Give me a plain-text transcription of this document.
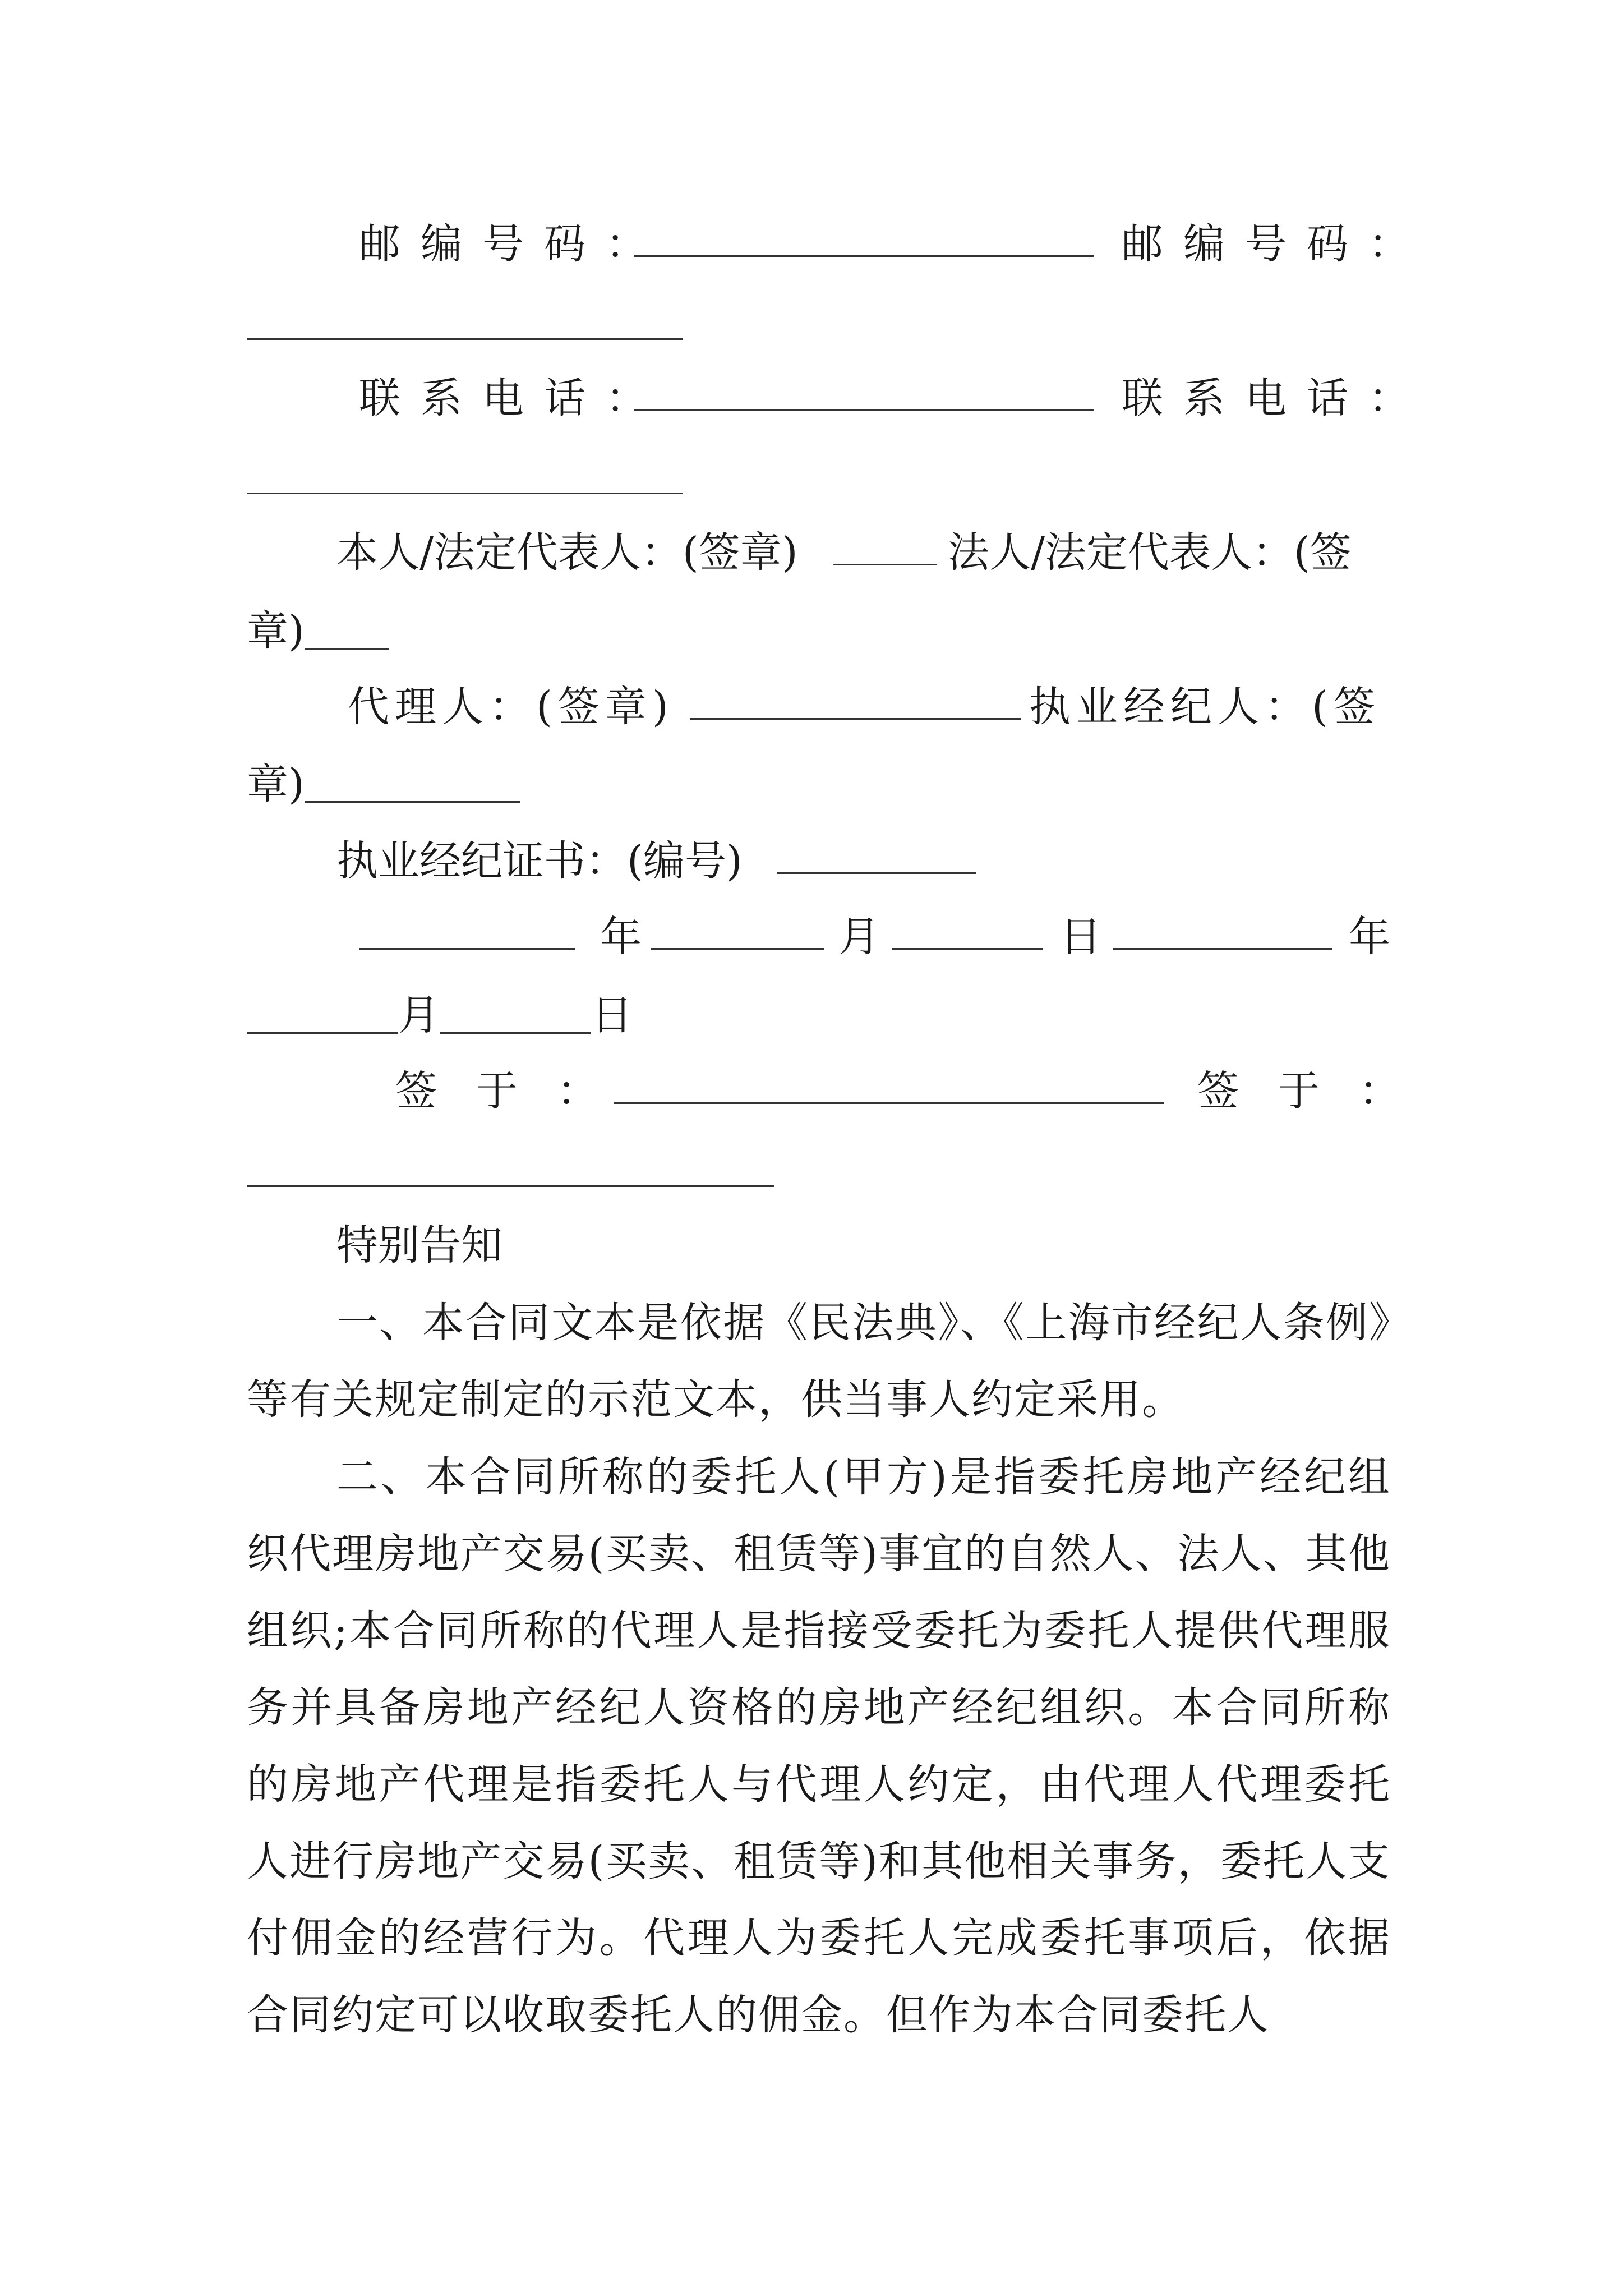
邮编号码：	邮编号码：
联系电话：	联系电话：
本人/法定代表人：(签章)	法人/法定代表人：(签
章)
代理人：(签章)	执业经纪人：(签
章)
执业经纪证书：(编号)
年	月	日	年
月	日
签于：	签于：
特别告知
一、本合同文本是依据《民法典》、《上海市经纪人条例》等有关规定制定的示范文本，供当事人约定采用。
二、本合同所称的委托人(甲方)是指委托房地产经纪组织代理房地产交易(买卖、租赁等)事宜的自然人、法人、其他组织;本合同所称的代理人是指接受委托为委托人提供代理服务并具备房地产经纪人资格的房地产经纪组织。本合同所称的房地产代理是指委托人与代理人约定，由代理人代理委托人进行房地产交易(买卖、租赁等)和其他相关事务，委托人支付佣金的经营行为。代理人为委托人完成委托事项后，依据合同约定可以收取委托人的佣金。但作为本合同委托人
